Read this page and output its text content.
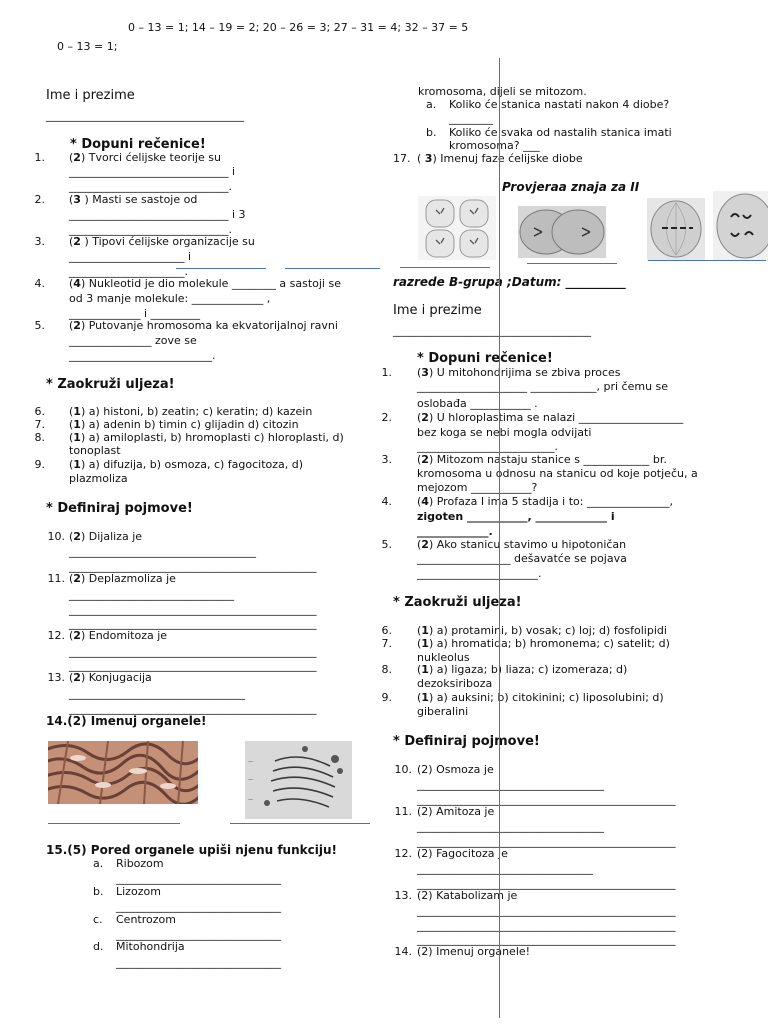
0 – 13 = 1; 14 – 19 = 2; 20 – 26 = 3; 27 – 31 = 4; 32 – 37 = 5
0 – 13 = 1;
Ime i prezime
____________________________________
* Dopuni rečenice!
1. (2) Tvorci ćelijske teorije su
_____________________________ i
_____________________________.
2. (3 ) Masti se sastoje od
_____________________________ i 3
_____________________________.
3. (2 ) Tipovi ćelijske organizacije su
_____________________ i
_____________________.
4. (4) Nukleotid je dio molekule ________ a sastoji se
od 3 manje molekule: _____________ ,
_____________ i _________
5. (2) Putovanje hromosoma ka ekvatorijalnoj ravni
_______________ zove se
__________________________.
* Zaokruži uljeza!
6. (1) a) histoni, b) zeatin; c) keratin; d) kazein
7. (1) a) adenin b) timin c) glijadin d) citozin
8. (1) a) amiloplasti, b) hromoplasti c) hloroplasti, d)
tonoplast
9. (1) a) difuzija, b) osmoza, c) fagocitoza, d)
plazmoliza
* Definiraj pojmove!
10. (2) Dijaliza je
__________________________________
_____________________________________________
11. (2) Deplazmoliza je
______________________________
_____________________________________________
_____________________________________________
12. (2) Endomitoza je
_____________________________________________
_____________________________________________
13. (2) Konjugacija
________________________________
_____________________________________________
14.(2) Imenuj organele!
—
—
—
15.(5) Pored organele upiši njenu funkciju!
a. Ribozom
______________________________
b. Lizozom
______________________________
c. Centrozom
______________________________
d. Mitohondrija
______________________________
kromosoma, dijeli se mitozom.
a. Koliko će stanica nastati nakon 4 diobe?
________
b. Koliko će svaka od nastalih stanica imati
kromosoma? ___
17. ( 3) Imenuj faze ćelijske diobe
Provjeraa znaja za II
razrede B-grupa ;Datum: __________
Ime i prezime
____________________________________
* Dopuni rečenice!
1. (3) U mitohondrijima se zbiva proces
____________________ ____________, pri čemu se
oslobađa ___________ .
2. (2) U hloroplastima se nalazi ___________________
bez koga se nebi mogla odvijati
_________________________.
3. (2) Mitozom nastaju stanice s ____________ br.
kromosoma u odnosu na stanicu od koje potječu, a
mejozom ___________?
4. (4) Profaza I ima 5 stadija i to: _______________,
zigoten ___________, _____________ i
_____________.
5. (2) Ako stanicu stavimo u hipotoničan
_________________ dešavatće se pojava
______________________.
* Zaokruži uljeza!
6. (1) a) protamini, b) vosak; c) loj; d) fosfolipidi
7. (1) a) hromatida; b) hromonema; c) satelit; d)
nukleolus
8. (1) a) ligaza; b) liaza; c) izomeraza; d)
dezoksiriboza
9. (1) a) auksini; b) citokinini; c) liposolubini; d)
giberalini
* Definiraj pojmove!
10. (2) Osmoza je
__________________________________
_______________________________________________
11. (2) Amitoza je
__________________________________
_______________________________________________
12. (2) Fagocitoza je
________________________________
_______________________________________________
13. (2) Katabolizam je
_______________________________________________
_______________________________________________
_______________________________________________
14. (2) Imenuj organele!
